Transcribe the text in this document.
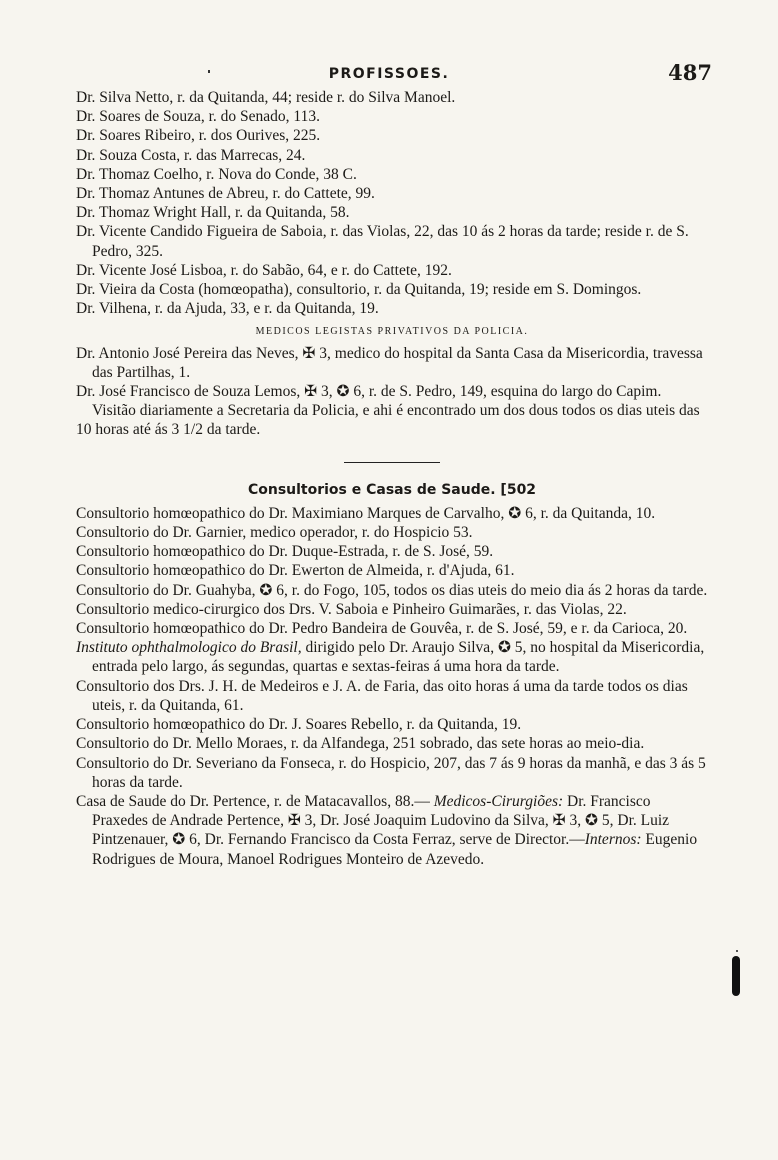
PROFISSOES.	487
Dr. Silva Netto, r. da Quitanda, 44; reside r. do Silva Manoel.
Dr. Soares de Souza, r. do Senado, 113.
Dr. Soares Ribeiro, r. dos Ourives, 225.
Dr. Souza Costa, r. das Marrecas, 24.
Dr. Thomaz Coelho, r. Nova do Conde, 38 C.
Dr. Thomaz Antunes de Abreu, r. do Cattete, 99.
Dr. Thomaz Wright Hall, r. da Quitanda, 58.
Dr. Vicente Candido Figueira de Saboia, r. das Violas, 22, das 10 ás 2 horas da tarde; reside r. de S. Pedro, 325.
Dr. Vicente José Lisboa, r. do Sabão, 64, e r. do Cattete, 192.
Dr. Vieira da Costa (homœopatha), consultorio, r. da Quitanda, 19; reside em S. Domingos.
Dr. Vilhena, r. da Ajuda, 33, e r. da Quitanda, 19.
MEDICOS LEGISTAS PRIVATIVOS DA POLICIA.
Dr. Antonio José Pereira das Neves, ✠ 3, medico do hospital da Santa Casa da Misericordia, travessa das Partilhas, 1.
Dr. José Francisco de Souza Lemos, ✠ 3, ✪ 6, r. de S. Pedro, 149, esquina do largo do Capim.
Visitão diariamente a Secretaria da Policia, e ahi é encontrado um dos dous todos os dias uteis das 10 horas até ás 3 1/2 da tarde.
Consultorios e Casas de Saude. [502
Consultorio homœopathico do Dr. Maximiano Marques de Carvalho, ✪ 6, r. da Quitanda, 10.
Consultorio do Dr. Garnier, medico operador, r. do Hospicio 53.
Consultorio homœopathico do Dr. Duque-Estrada, r. de S. José, 59.
Consultorio homœopathico do Dr. Ewerton de Almeida, r. d'Ajuda, 61.
Consultorio do Dr. Guahyba, ✪ 6, r. do Fogo, 105, todos os dias uteis do meio dia ás 2 horas da tarde.
Consultorio medico-cirurgico dos Drs. V. Saboia e Pinheiro Guimarães, r. das Violas, 22.
Consultorio homœopathico do Dr. Pedro Bandeira de Gouvêa, r. de S. José, 59, e r. da Carioca, 20.
Instituto ophthalmologico do Brasil, dirigido pelo Dr. Araujo Silva, ✪ 5, no hospital da Misericordia, entrada pelo largo, ás segundas, quartas e sextas-feiras á uma hora da tarde.
Consultorio dos Drs. J. H. de Medeiros e J. A. de Faria, das oito horas á uma da tarde todos os dias uteis, r. da Quitanda, 61.
Consultorio homœopathico do Dr. J. Soares Rebello, r. da Quitanda, 19.
Consultorio do Dr. Mello Moraes, r. da Alfandega, 251 sobrado, das sete horas ao meio-dia.
Consultorio do Dr. Severiano da Fonseca, r. do Hospicio, 207, das 7 ás 9 horas da manhã, e das 3 ás 5 horas da tarde.
Casa de Saude do Dr. Pertence, r. de Matacavallos, 88.— Medicos-Cirurgiões: Dr. Francisco Praxedes de Andrade Pertence, ✠ 3, Dr. José Joaquim Ludovino da Silva, ✠ 3, ✪ 5, Dr. Luiz Pintzenauer, ✪ 6, Dr. Fernando Francisco da Costa Ferraz, serve de Director.—Internos: Eugenio Rodrigues de Moura, Manoel Rodrigues Monteiro de Azevedo.
